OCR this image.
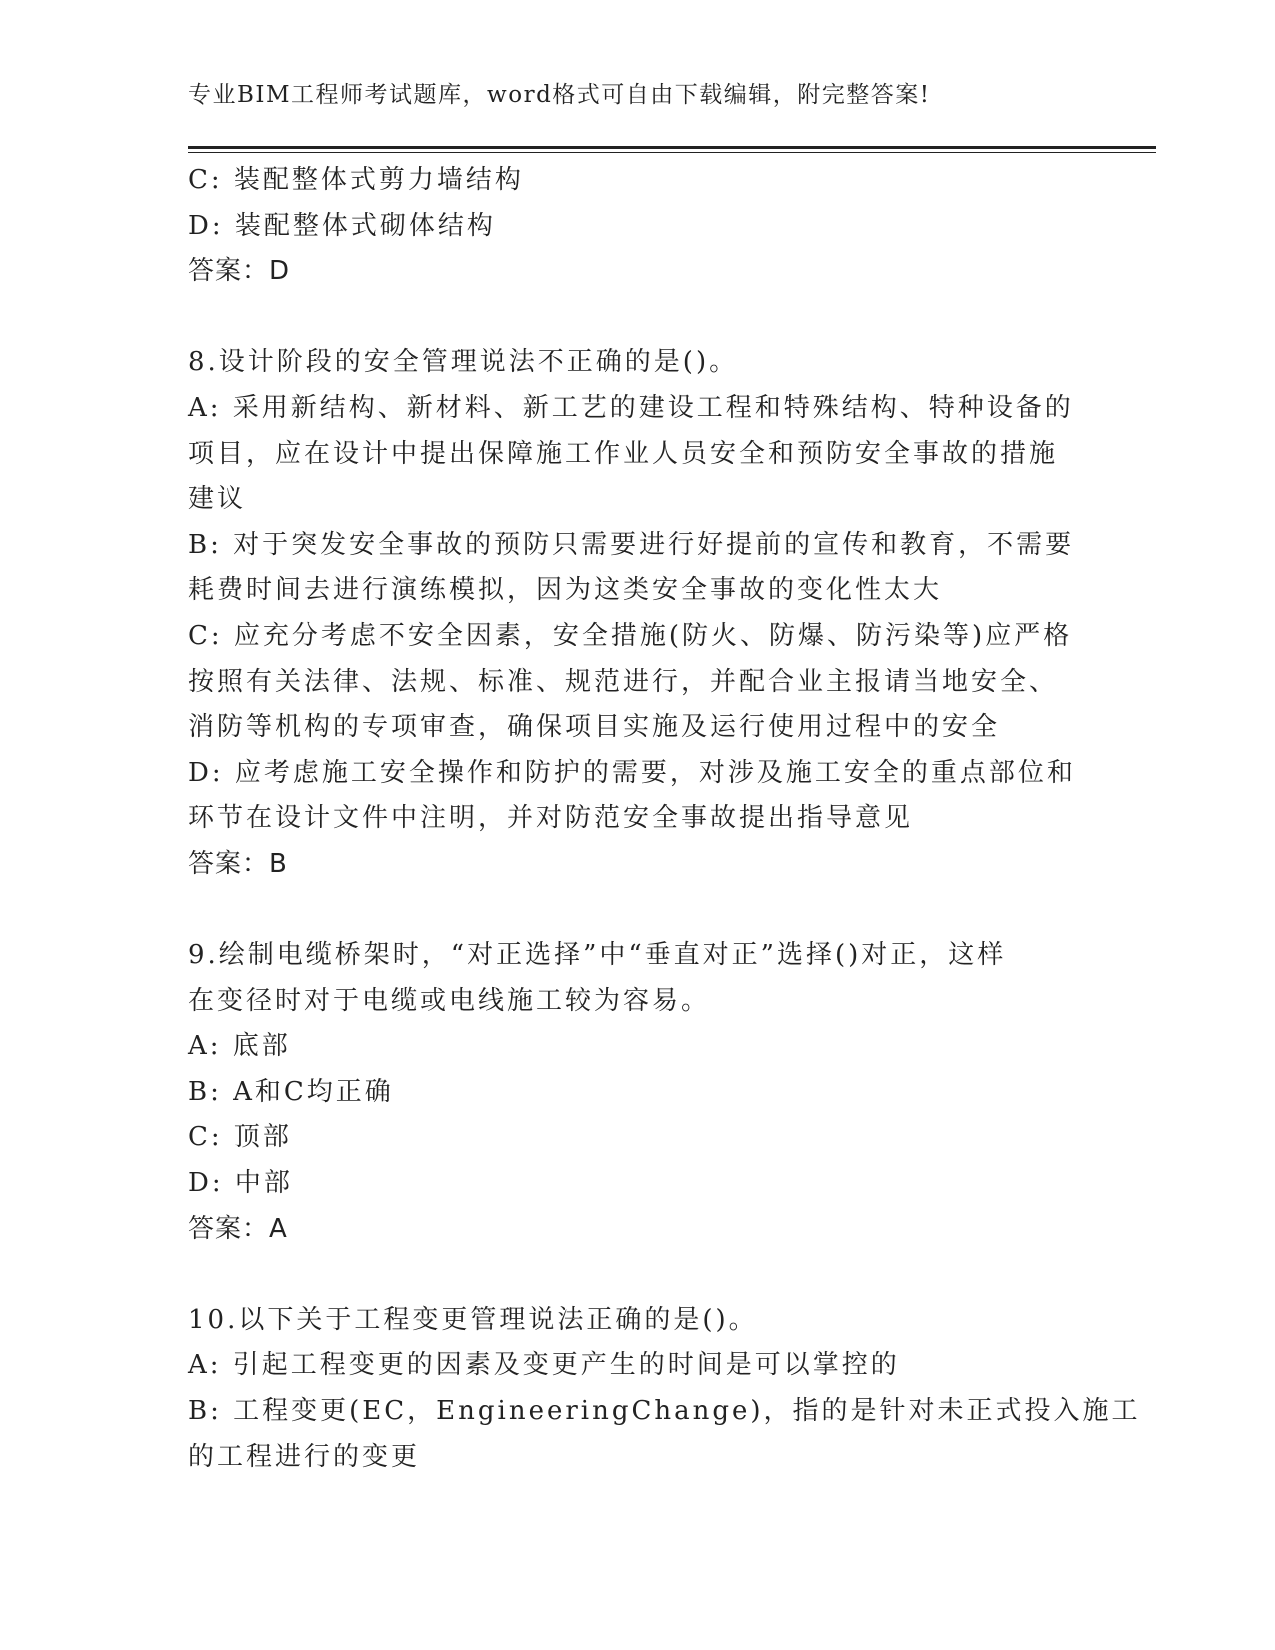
专业BIM工程师考试题库，word格式可自由下载编辑，附完整答案!
C: 装配整体式剪力墙结构
D: 装配整体式砌体结构
答案：D
8.设计阶段的安全管理说法不正确的是()。
A: 采用新结构、新材料、新工艺的建设工程和特殊结构、特种设备的
项目，应在设计中提出保障施工作业人员安全和预防安全事故的措施
建议
B: 对于突发安全事故的预防只需要进行好提前的宣传和教育，不需要
耗费时间去进行演练模拟，因为这类安全事故的变化性太大
C: 应充分考虑不安全因素，安全措施(防火、防爆、防污染等)应严格
按照有关法律、法规、标准、规范进行，并配合业主报请当地安全、
消防等机构的专项审查，确保项目实施及运行使用过程中的安全
D: 应考虑施工安全操作和防护的需要，对涉及施工安全的重点部位和
环节在设计文件中注明，并对防范安全事故提出指导意见
答案：B
9.绘制电缆桥架时，“对正选择”中“垂直对正”选择()对正，这样
在变径时对于电缆或电线施工较为容易。
A: 底部
B: A和C均正确
C: 顶部
D: 中部
答案：A
10.以下关于工程变更管理说法正确的是()。
A: 引起工程变更的因素及变更产生的时间是可以掌控的
B: 工程变更(EC，EngineeringChange)，指的是针对未正式投入施工
的工程进行的变更
